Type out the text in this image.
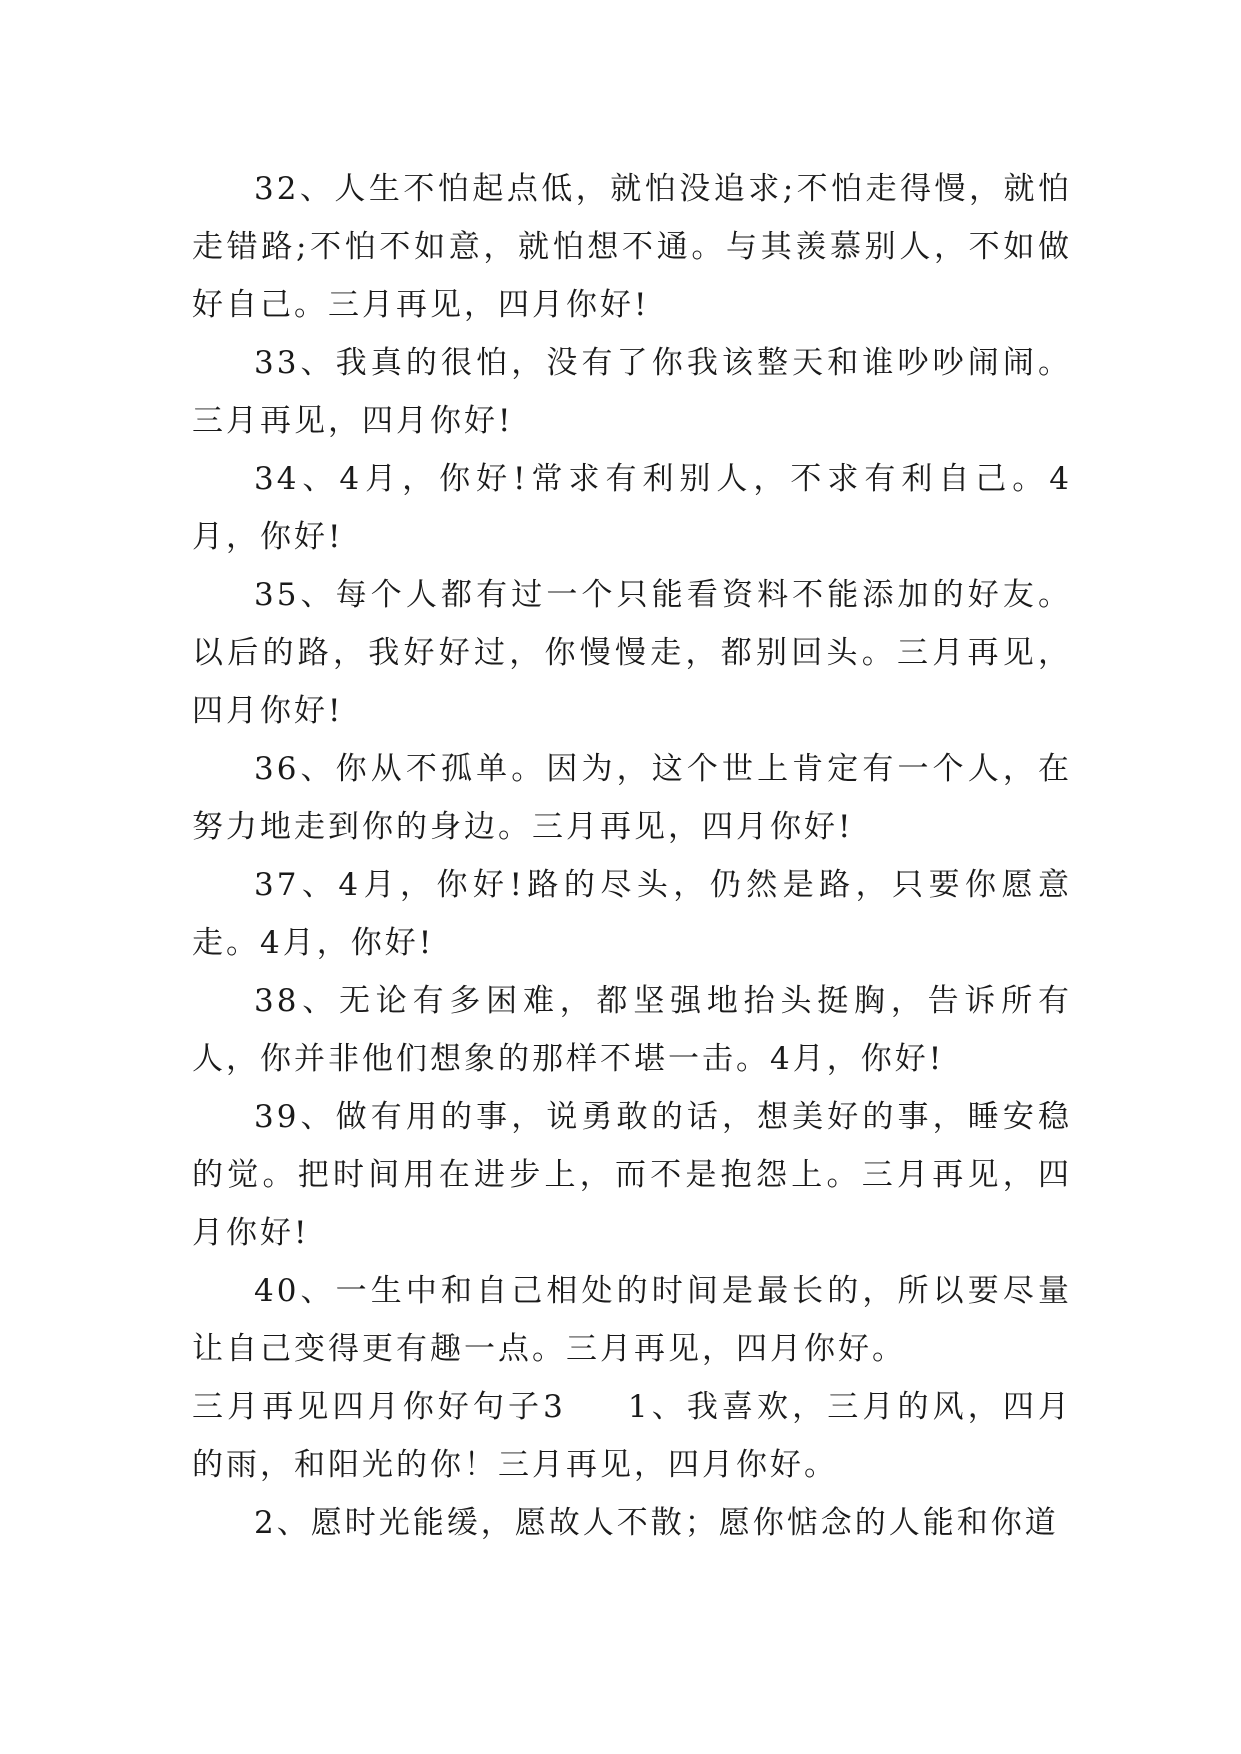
32、人生不怕起点低，就怕没追求;不怕走得慢，就怕走错路;不怕不如意，就怕想不通。与其羡慕别人，不如做好自己。三月再见，四月你好!

33、我真的很怕，没有了你我该整天和谁吵吵闹闹。三月再见，四月你好!

34、4月，你好!常求有利别人，不求有利自己。4月，你好!

35、每个人都有过一个只能看资料不能添加的好友。以后的路，我好好过，你慢慢走，都别回头。三月再见，四月你好!

36、你从不孤单。因为，这个世上肯定有一个人，在努力地走到你的身边。三月再见，四月你好!

37、4月，你好!路的尽头，仍然是路，只要你愿意走。4月，你好!

38、无论有多困难，都坚强地抬头挺胸，告诉所有人，你并非他们想象的那样不堪一击。4月，你好!

39、做有用的事，说勇敢的话，想美好的事，睡安稳的觉。把时间用在进步上，而不是抱怨上。三月再见，四月你好!

40、一生中和自己相处的时间是最长的，所以要尽量让自己变得更有趣一点。三月再见，四月你好。

三月再见四月你好句子3 1、我喜欢，三月的风，四月的雨，和阳光的你！三月再见，四月你好。

2、愿时光能缓，愿故人不散；愿你惦念的人能和你道
